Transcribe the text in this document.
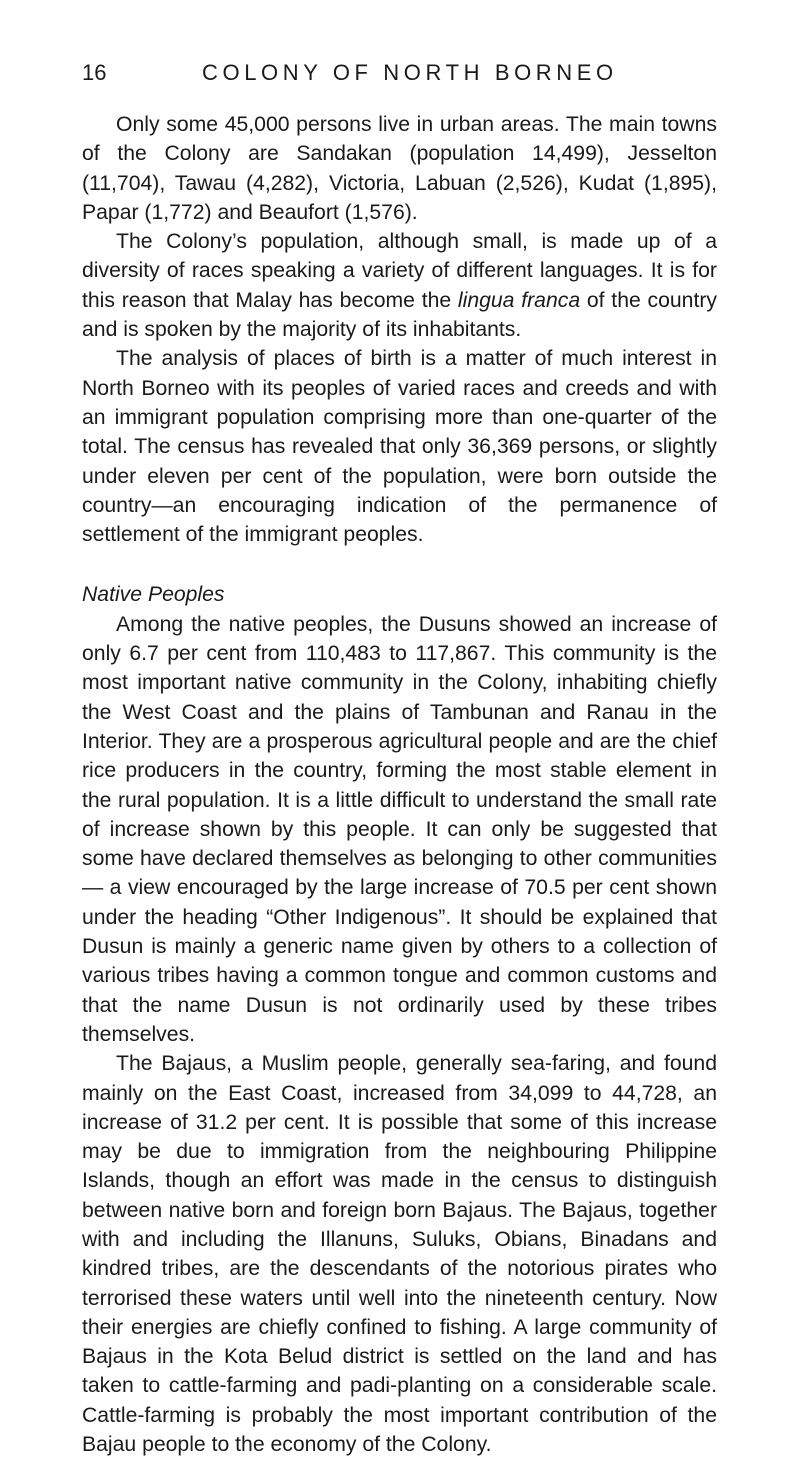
16	COLONY OF NORTH BORNEO

Only some 45,000 persons live in urban areas. The main towns of the Colony are Sandakan (population 14,499), Jesselton (11,704), Tawau (4,282), Victoria, Labuan (2,526), Kudat (1,895), Papar (1,772) and Beaufort (1,576).

The Colony’s population, although small, is made up of a diversity of races speaking a variety of different languages. It is for this reason that Malay has become the lingua franca of the country and is spoken by the majority of its inhabitants.

The analysis of places of birth is a matter of much interest in North Borneo with its peoples of varied races and creeds and with an immigrant population comprising more than one-quarter of the total. The census has revealed that only 36,369 persons, or slightly under eleven per cent of the population, were born outside the country—an encouraging indication of the permanence of settlement of the immigrant peoples.

Native Peoples

Among the native peoples, the Dusuns showed an increase of only 6.7 per cent from 110,483 to 117,867. This community is the most important native community in the Colony, inhabiting chiefly the West Coast and the plains of Tambunan and Ranau in the Interior. They are a prosperous agricultural people and are the chief rice producers in the country, forming the most stable element in the rural population. It is a little difficult to understand the small rate of increase shown by this people. It can only be suggested that some have declared themselves as belonging to other communities— a view encouraged by the large increase of 70.5 per cent shown under the heading “Other Indigenous”. It should be explained that Dusun is mainly a generic name given by others to a collection of various tribes having a common tongue and common customs and that the name Dusun is not ordinarily used by these tribes themselves.

The Bajaus, a Muslim people, generally sea-faring, and found mainly on the East Coast, increased from 34,099 to 44,728, an increase of 31.2 per cent. It is possible that some of this increase may be due to immigration from the neighbouring Philippine Islands, though an effort was made in the census to distinguish between native born and foreign born Bajaus. The Bajaus, together with and including the Illanuns, Suluks, Obians, Binadans and kindred tribes, are the descendants of the notorious pirates who terrorised these waters until well into the nineteenth century. Now their energies are chiefly confined to fishing. A large community of Bajaus in the Kota Belud district is settled on the land and has taken to cattle-farming and padi-planting on a considerable scale. Cattle-farming is probably the most important contribution of the Bajau people to the economy of the Colony.
